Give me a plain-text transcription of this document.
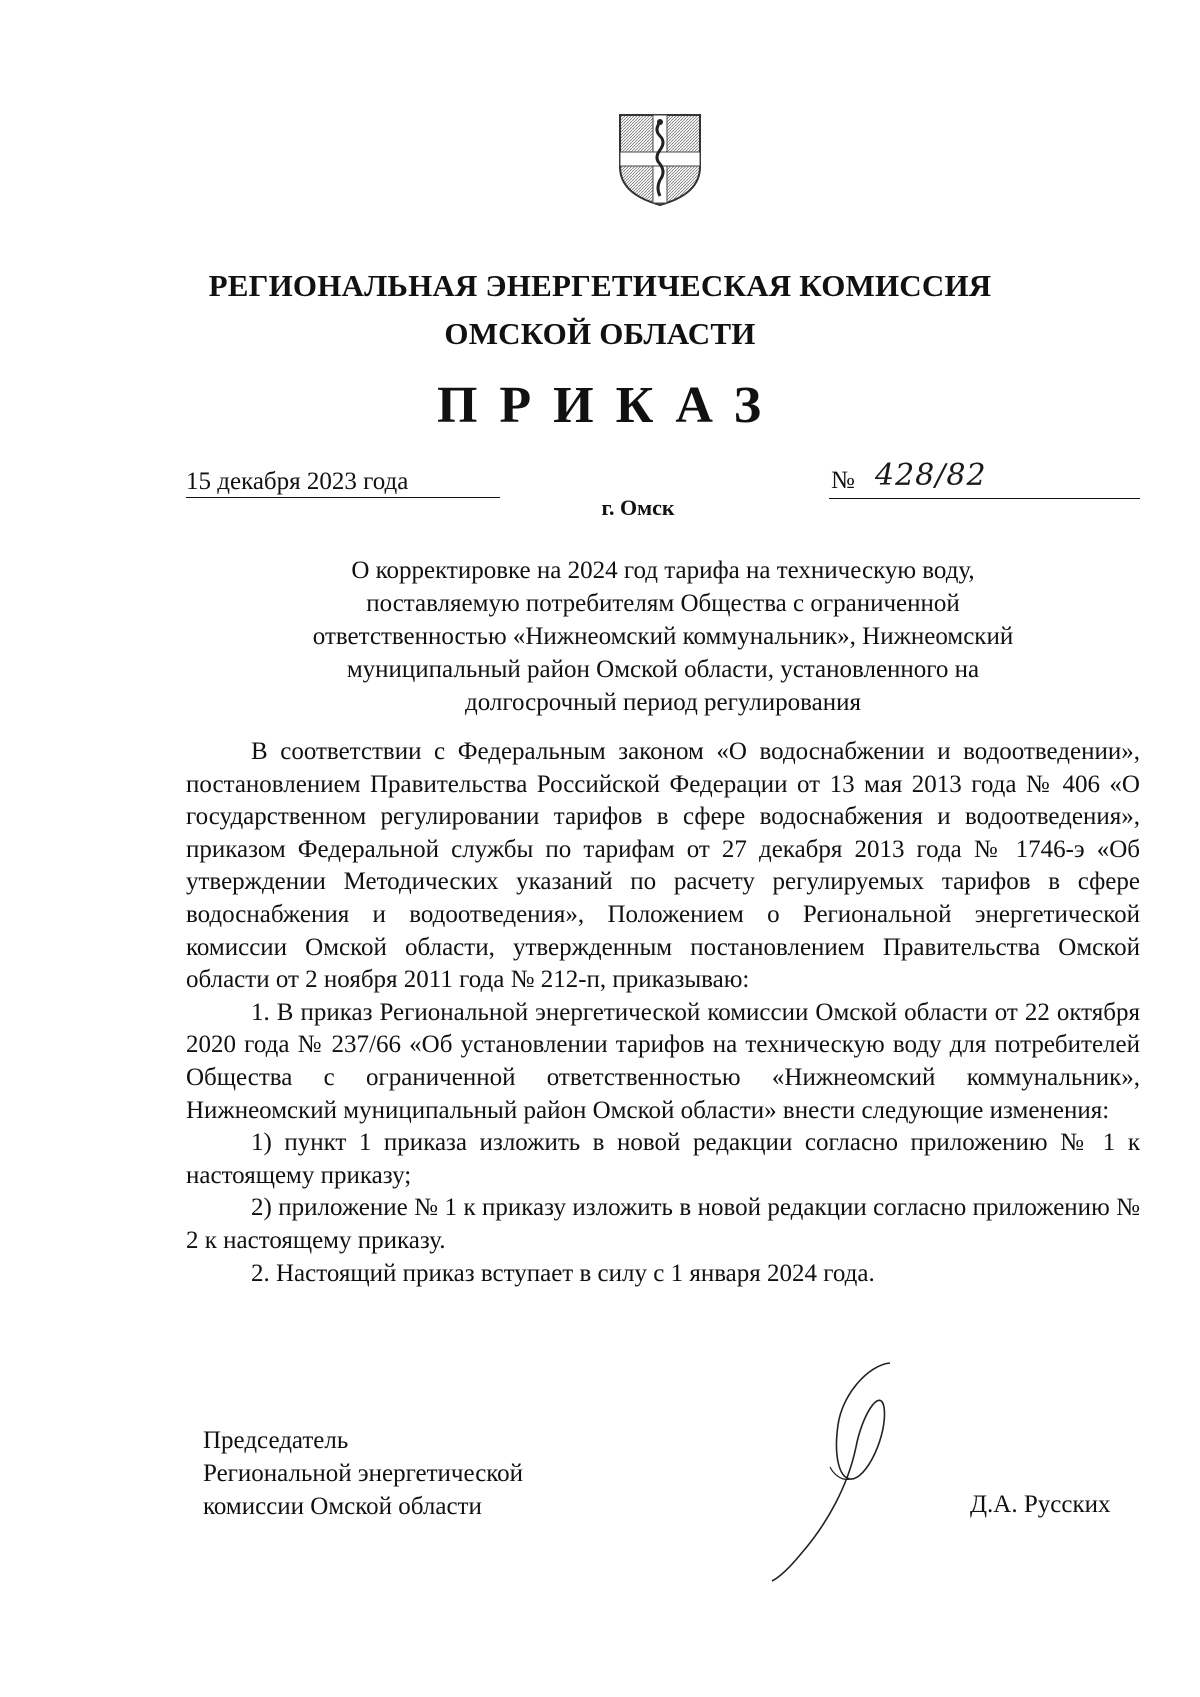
РЕГИОНАЛЬНАЯ ЭНЕРГЕТИЧЕСКАЯ КОМИССИЯ
ОМСКОЙ ОБЛАСТИ
ПРИКАЗ
15 декабря 2023 года	№ 428/82
г. Омск
О корректировке на 2024 год тарифа на техническую воду,
поставляемую потребителям Общества с ограниченной
ответственностью «Нижнеомский коммунальник», Нижнеомский
муниципальный район Омской области, установленного на
долгосрочный период регулирования

В соответствии с Федеральным законом «О водоснабжении и водоотведении», постановлением Правительства Российской Федерации от 13 мая 2013 года № 406 «О государственном регулировании тарифов в сфере водоснабжения и водоотведения», приказом Федеральной службы по тарифам от 27 декабря 2013 года № 1746-э «Об утверждении Методических указаний по расчету регулируемых тарифов в сфере водоснабжения и водоотведения», Положением о Региональной энергетической комиссии Омской области, утвержденным постановлением Правительства Омской области от 2 ноября 2011 года № 212-п, приказываю:

1. В приказ Региональной энергетической комиссии Омской области от 22 октября 2020 года № 237/66 «Об установлении тарифов на техническую воду для потребителей Общества с ограниченной ответственностью «Нижнеомский коммунальник», Нижнеомский муниципальный район Омской области» внести следующие изменения:

1) пункт 1 приказа изложить в новой редакции согласно приложению № 1 к настоящему приказу;

2) приложение № 1 к приказу изложить в новой редакции согласно приложению № 2 к настоящему приказу.

2. Настоящий приказ вступает в силу с 1 января 2024 года.

Председатель
Региональной энергетической
комиссии Омской области	Д.А. Русских
